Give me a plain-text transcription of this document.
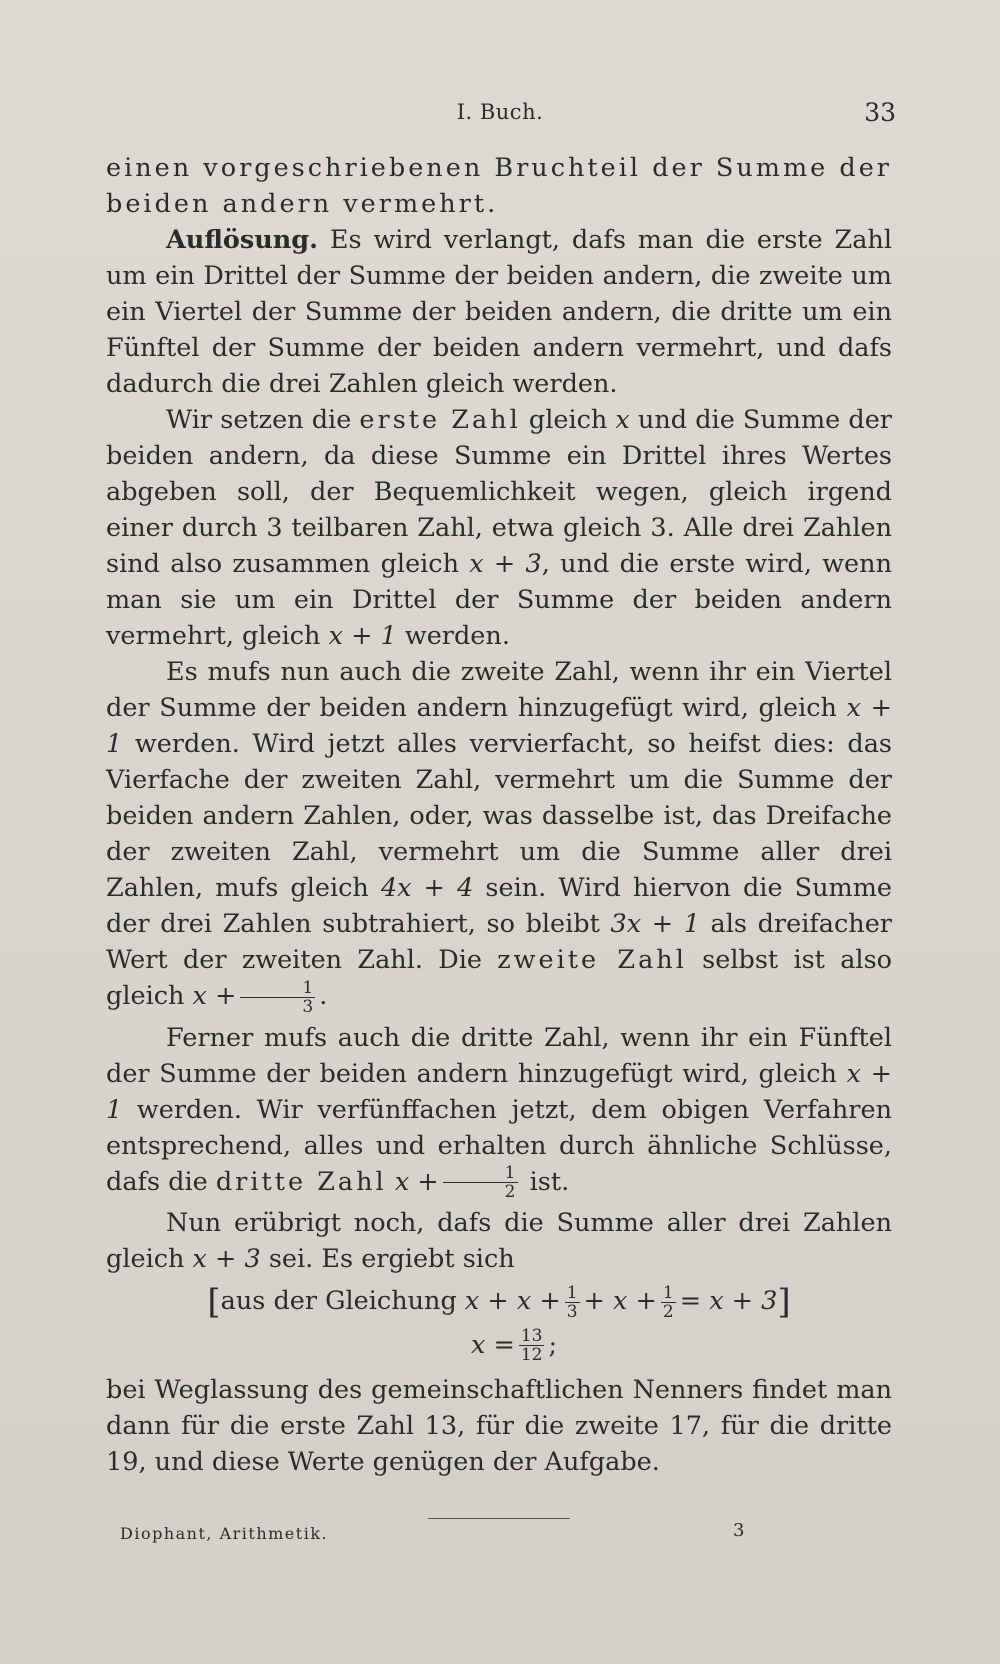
I. Buch.	33

einen vorgeschriebenen Bruchteil der Summe der beiden andern vermehrt.

Auflösung. Es wird verlangt, dafs man die erste Zahl um ein Drittel der Summe der beiden andern, die zweite um ein Viertel der Summe der beiden andern, die dritte um ein Fünftel der Summe der beiden andern vermehrt, und dafs dadurch die drei Zahlen gleich werden.

Wir setzen die erste Zahl gleich x und die Summe der beiden andern, da diese Summe ein Drittel ihres Wertes abgeben soll, der Bequemlichkeit wegen, gleich irgend einer durch 3 teilbaren Zahl, etwa gleich 3. Alle drei Zahlen sind also zusammen gleich x + 3, und die erste wird, wenn man sie um ein Drittel der Summe der beiden andern vermehrt, gleich x + 1 werden.

Es mufs nun auch die zweite Zahl, wenn ihr ein Viertel der Summe der beiden andern hinzugefügt wird, gleich x + 1 werden. Wird jetzt alles vervierfacht, so heifst dies: das Vierfache der zweiten Zahl, vermehrt um die Summe der beiden andern Zahlen, oder, was dasselbe ist, das Dreifache der zweiten Zahl, vermehrt um die Summe aller drei Zahlen, mufs gleich 4x + 4 sein. Wird hiervon die Summe der drei Zahlen subtrahiert, so bleibt 3x + 1 als dreifacher Wert der zweiten Zahl. Die zweite Zahl selbst ist also gleich $x + \frac{1}{3}$ .

Ferner mufs auch die dritte Zahl, wenn ihr ein Fünftel der Summe der beiden andern hinzugefügt wird, gleich x + 1 werden. Wir verfünffachen jetzt, dem obigen Verfahren entsprechend, alles und erhalten durch ähnliche Schlüsse, dafs die dritte Zahl $x + \frac{1}{2}$ ist.

Nun erübrigt noch, dafs die Summe aller drei Zahlen gleich x + 3 sei. Es ergiebt sich

[aus der Gleichung $x + x + \frac{1}{3} + x + \frac{1}{2} = x + 3$]
$x = \frac{13}{12}$ ;

bei Weglassung des gemeinschaftlichen Nenners findet man dann für die erste Zahl 13, für die zweite 17, für die dritte 19, und diese Werte genügen der Aufgabe.

Diophant, Arithmetik.	3
